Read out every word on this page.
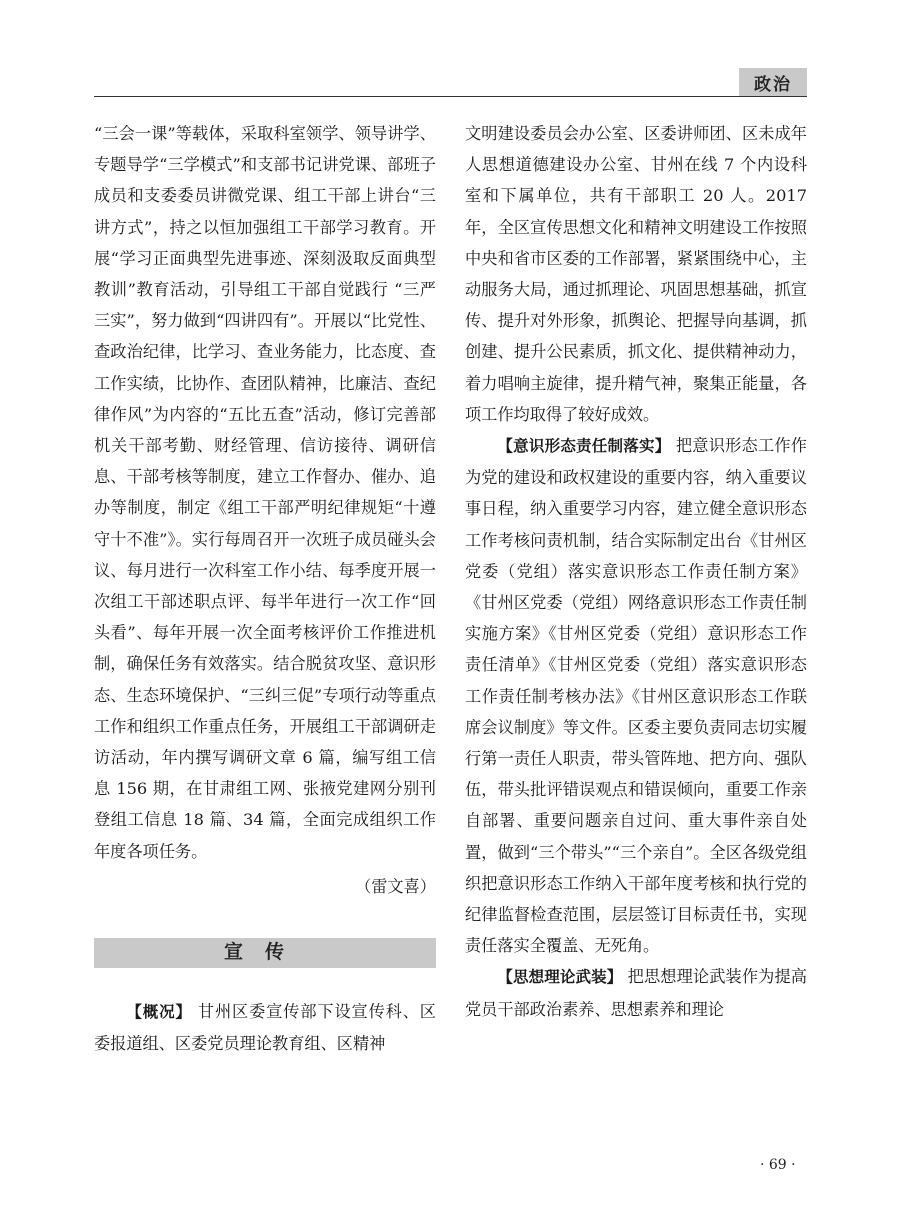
政治

“三会一课”等载体，采取科室领学、领导讲学、专题导学“三学模式”和支部书记讲党课、部班子成员和支委委员讲微党课、组工干部上讲台“三讲方式”，持之以恒加强组工干部学习教育。开展“学习正面典型先进事迹、深刻汲取反面典型教训”教育活动，引导组工干部自觉践行 “三严三实”，努力做到“四讲四有”。开展以“比党性、查政治纪律，比学习、查业务能力，比态度、查工作实绩，比协作、查团队精神，比廉洁、查纪律作风”为内容的“五比五查”活动，修订完善部机关干部考勤、财经管理、信访接待、调研信息、干部考核等制度，建立工作督办、催办、追办等制度，制定《组工干部严明纪律规矩“十遵守十不准”》。实行每周召开一次班子成员碰头会议、每月进行一次科室工作小结、每季度开展一次组工干部述职点评、每半年进行一次工作“回头看”、每年开展一次全面考核评价工作推进机制，确保任务有效落实。结合脱贫攻坚、意识形态、生态环境保护、“三纠三促”专项行动等重点工作和组织工作重点任务，开展组工干部调研走访活动，年内撰写调研文章 6 篇，编写组工信息 156 期，在甘肃组工网、张掖党建网分别刊登组工信息 18 篇、34 篇，全面完成组织工作年度各项任务。

（雷文喜）

宣传

【概况】 甘州区委宣传部下设宣传科、区委报道组、区委党员理论教育组、区精神

文明建设委员会办公室、区委讲师团、区未成年人思想道德建设办公室、甘州在线 7 个内设科室和下属单位，共有干部职工 20 人。2017 年，全区宣传思想文化和精神文明建设工作按照中央和省市区委的工作部署，紧紧围绕中心，主动服务大局，通过抓理论、巩固思想基础，抓宣传、提升对外形象，抓舆论、把握导向基调，抓创建、提升公民素质，抓文化、提供精神动力，着力唱响主旋律，提升精气神，聚集正能量，各项工作均取得了较好成效。

【意识形态责任制落实】 把意识形态工作作为党的建设和政权建设的重要内容，纳入重要议事日程，纳入重要学习内容，建立健全意识形态工作考核问责机制，结合实际制定出台《甘州区党委（党组）落实意识形态工作责任制方案》《甘州区党委（党组）网络意识形态工作责任制实施方案》《甘州区党委（党组）意识形态工作责任清单》《甘州区党委（党组）落实意识形态工作责任制考核办法》《甘州区意识形态工作联席会议制度》等文件。区委主要负责同志切实履行第一责任人职责，带头管阵地、把方向、强队伍，带头批评错误观点和错误倾向，重要工作亲自部署、重要问题亲自过问、重大事件亲自处置，做到“三个带头”“三个亲自”。全区各级党组织把意识形态工作纳入干部年度考核和执行党的纪律监督检查范围，层层签订目标责任书，实现责任落实全覆盖、无死角。

【思想理论武装】 把思想理论武装作为提高党员干部政治素养、思想素养和理论

· 69 ·
